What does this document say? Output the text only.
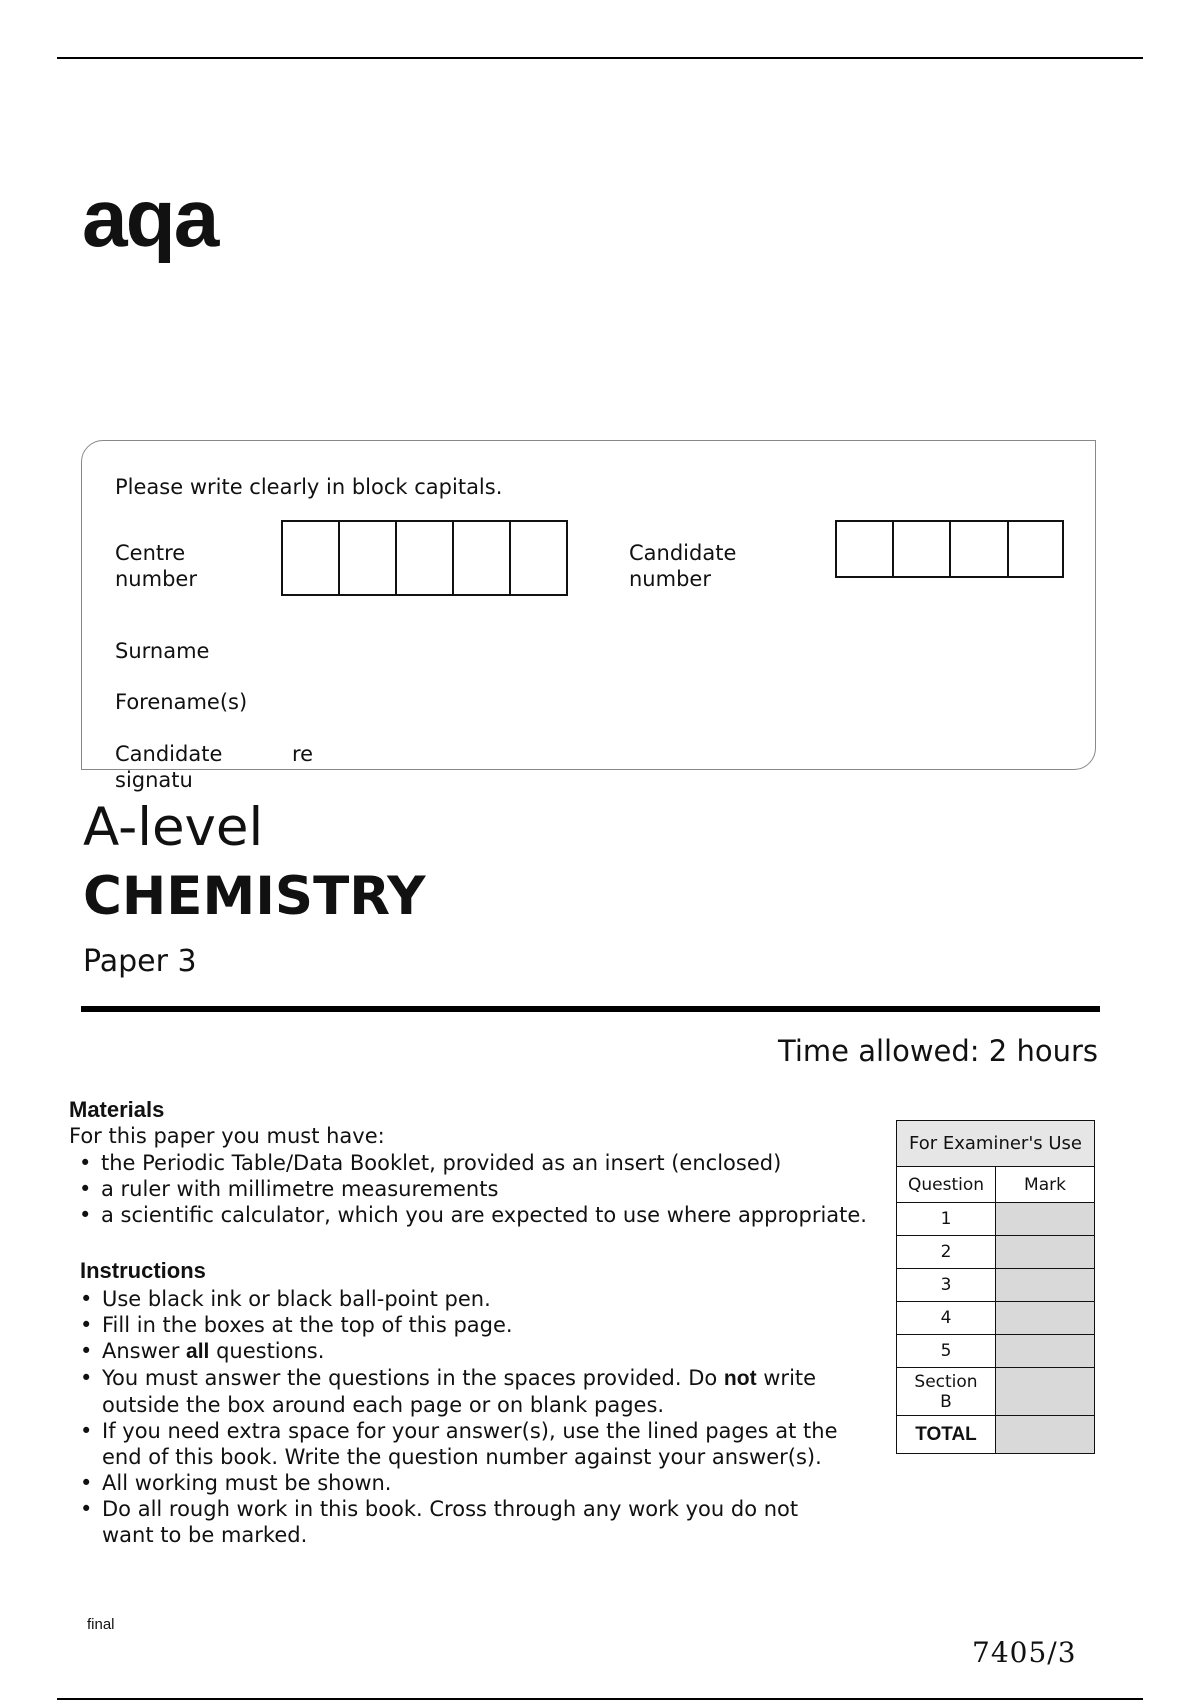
aqa
Please write clearly in block capitals.
Centre
number
Candidate
number
Surname
Forename(s)
Candidate
signatu
re
A-level
CHEMISTRY
Paper 3
Time allowed: 2 hours
Materials
For this paper you must have:
• the Periodic Table/Data Booklet, provided as an insert (enclosed)
• a ruler with millimetre measurements
• a scientific calculator, which you are expected to use where appropriate.
Instructions
• Use black ink or black ball-point pen.
• Fill in the boxes at the top of this page.
• Answer all questions.
• You must answer the questions in the spaces provided. Do not write outside the box around each page or on blank pages.
• If you need extra space for your answer(s), use the lined pages at the end of this book. Write the question number against your answer(s).
• All working must be shown.
• Do all rough work in this book. Cross through any work you do not want to be marked.
For Examiner's Use	
Question	Mark
1	
2	
3	
4	
5	
Section B	
TOTAL	
final
7405/3
